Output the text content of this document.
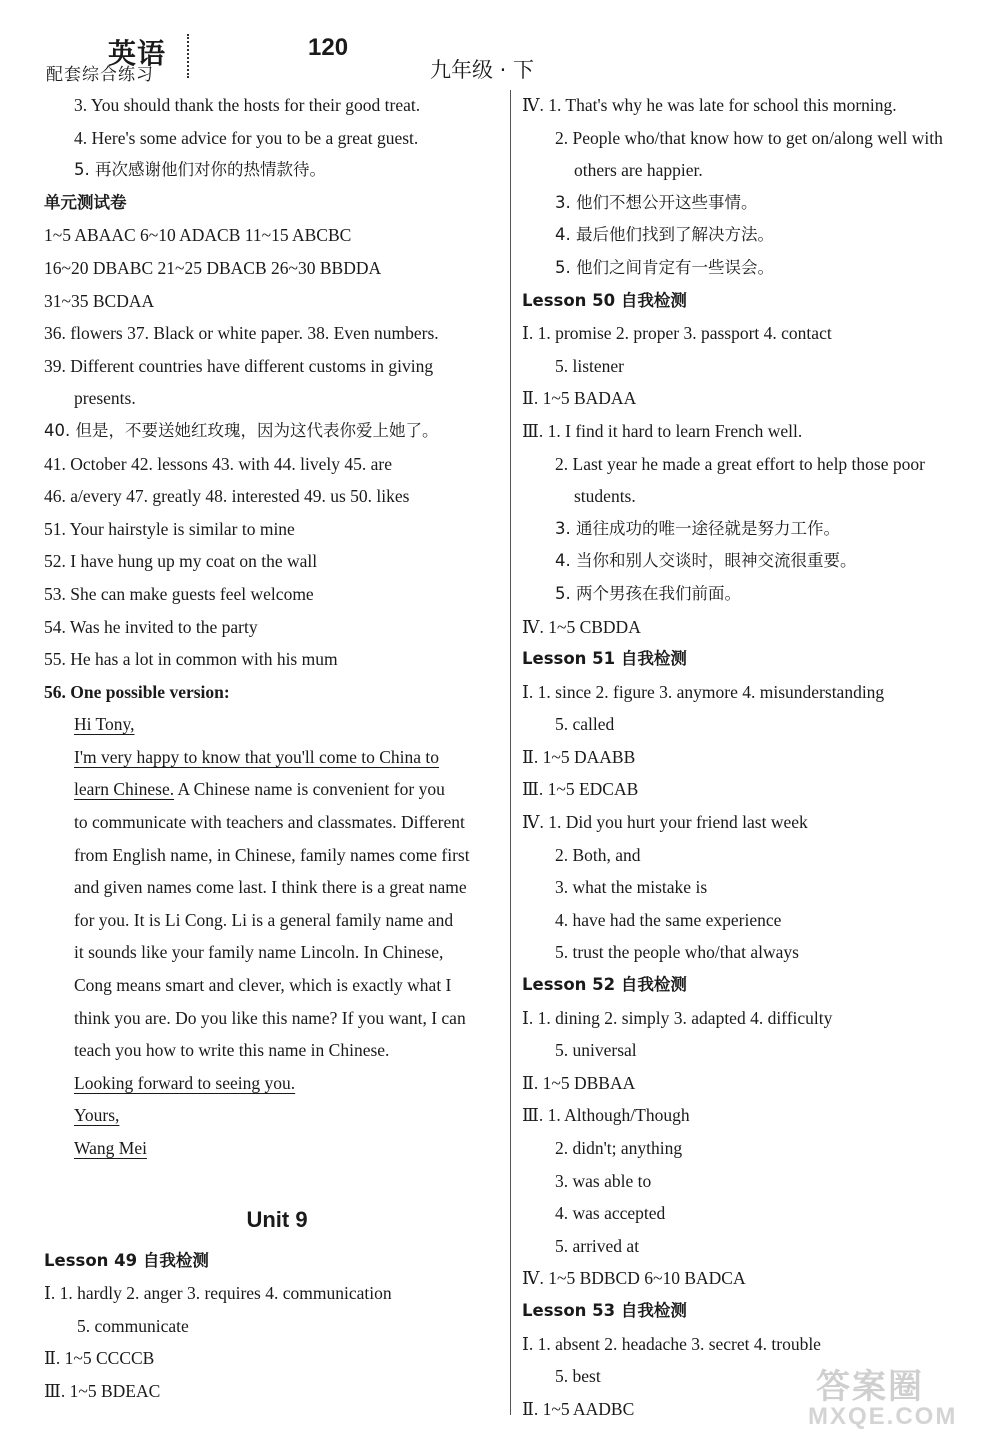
英语
配套综合练习
120
九年级 · 下
3. You should thank the hosts for their good treat.
4. Here's some advice for you to be a great guest.
5. 再次感谢他们对你的热情款待。
单元测试卷
1~5 ABAAC 6~10 ADACB 11~15 ABCBC
16~20 DBABC 21~25 DBACB 26~30 BBDDA
31~35 BCDAA
36. flowers 37. Black or white paper. 38. Even numbers.
39. Different countries have different customs in giving
presents.
40. 但是，不要送她红玫瑰，因为这代表你爱上她了。
41. October 42. lessons 43. with 44. lively 45. are
46. a/every 47. greatly 48. interested 49. us 50. likes
51. Your hairstyle is similar to mine
52. I have hung up my coat on the wall
53. She can make guests feel welcome
54. Was he invited to the party
55. He has a lot in common with his mum
56. One possible version:
Hi Tony,
I'm very happy to know that you'll come to China to
learn Chinese. A Chinese name is convenient for you
to communicate with teachers and classmates. Different
from English name, in Chinese, family names come first
and given names come last. I think there is a great name
for you. It is Li Cong. Li is a general family name and
it sounds like your family name Lincoln. In Chinese,
Cong means smart and clever, which is exactly what I
think you are. Do you like this name? If you want, I can
teach you how to write this name in Chinese.
Looking forward to seeing you.
Yours,
Wang Mei
Unit 9
Lesson 49 自我检测
Ⅰ. 1. hardly 2. anger 3. requires 4. communication
5. communicate
Ⅱ. 1~5 CCCCB
Ⅲ. 1~5 BDEAC
Ⅳ. 1. That's why he was late for school this morning.
2. People who/that know how to get on/along well with
others are happier.
3. 他们不想公开这些事情。
4. 最后他们找到了解决方法。
5. 他们之间肯定有一些误会。
Lesson 50 自我检测
Ⅰ. 1. promise 2. proper 3. passport 4. contact
5. listener
Ⅱ. 1~5 BADAA
Ⅲ. 1. I find it hard to learn French well.
2. Last year he made a great effort to help those poor
students.
3. 通往成功的唯一途径就是努力工作。
4. 当你和别人交谈时，眼神交流很重要。
5. 两个男孩在我们前面。
Ⅳ. 1~5 CBDDA
Lesson 51 自我检测
Ⅰ. 1. since 2. figure 3. anymore 4. misunderstanding
5. called
Ⅱ. 1~5 DAABB
Ⅲ. 1~5 EDCAB
Ⅳ. 1. Did you hurt your friend last week
2. Both, and
3. what the mistake is
4. have had the same experience
5. trust the people who/that always
Lesson 52 自我检测
Ⅰ. 1. dining 2. simply 3. adapted 4. difficulty
5. universal
Ⅱ. 1~5 DBBAA
Ⅲ. 1. Although/Though
2. didn't; anything
3. was able to
4. was accepted
5. arrived at
Ⅳ. 1~5 BDBCD 6~10 BADCA
Lesson 53 自我检测
Ⅰ. 1. absent 2. headache 3. secret 4. trouble
5. best
Ⅱ. 1~5 AADBC
答案圈
MXQE.COM
